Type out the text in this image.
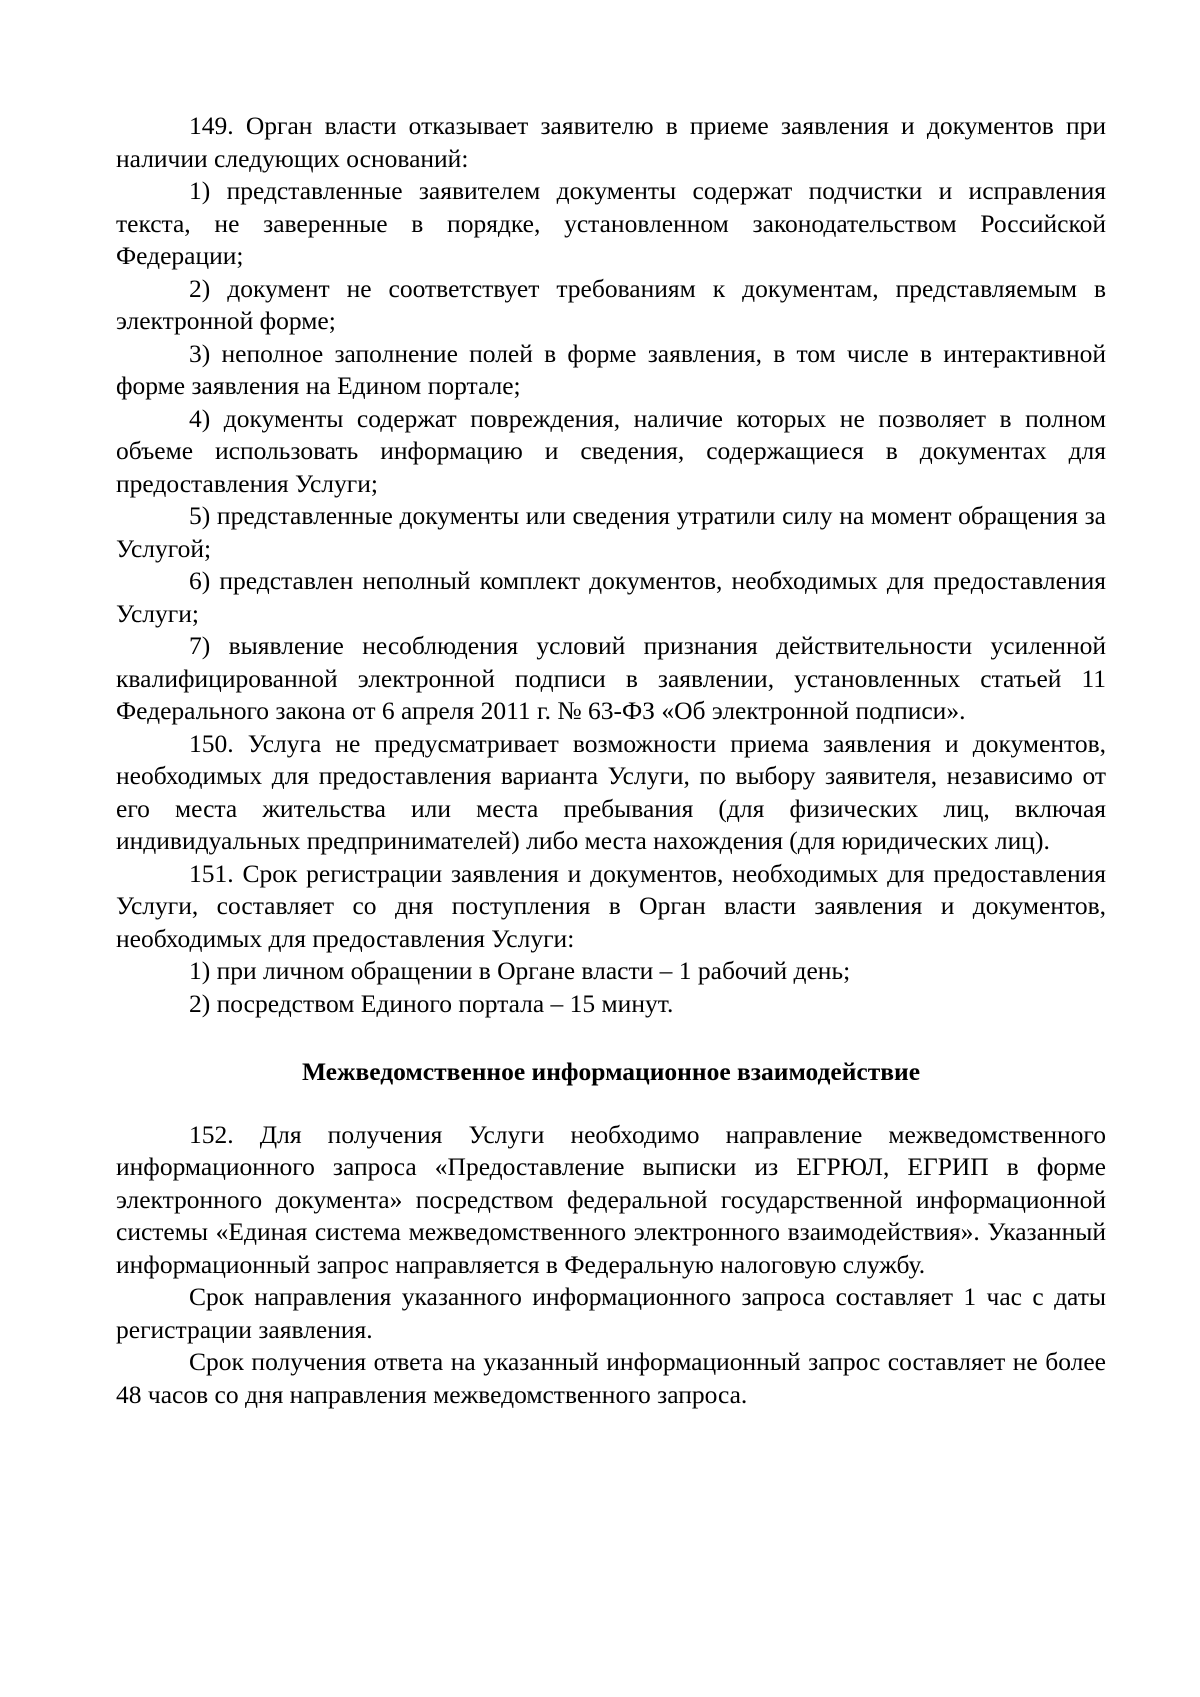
149. Орган власти отказывает заявителю в приеме заявления и документов при наличии следующих оснований:

1) представленные заявителем документы содержат подчистки и исправления текста, не заверенные в порядке, установленном законодательством Российской Федерации;

2) документ не соответствует требованиям к документам, представляемым в электронной форме;

3) неполное заполнение полей в форме заявления, в том числе в интерактивной форме заявления на Едином портале;

4) документы содержат повреждения, наличие которых не позволяет в полном объеме использовать информацию и сведения, содержащиеся в документах для предоставления Услуги;

5) представленные документы или сведения утратили силу на момент обращения за Услугой;

6) представлен неполный комплект документов, необходимых для предоставления Услуги;

7) выявление несоблюдения условий признания действительности усиленной квалифицированной электронной подписи в заявлении, установленных статьей 11 Федерального закона от 6 апреля 2011 г. № 63-ФЗ «Об электронной подписи».

150. Услуга не предусматривает возможности приема заявления и документов, необходимых для предоставления варианта Услуги, по выбору заявителя, независимо от его места жительства или места пребывания (для физических лиц, включая индивидуальных предпринимателей) либо места нахождения (для юридических лиц).

151. Срок регистрации заявления и документов, необходимых для предоставления Услуги, составляет со дня поступления в Орган власти заявления и документов, необходимых для предоставления Услуги:

1) при личном обращении в Органе власти – 1 рабочий день;

2) посредством Единого портала – 15 минут.

Межведомственное информационное взаимодействие

152. Для получения Услуги необходимо направление межведомственного информационного запроса «Предоставление выписки из ЕГРЮЛ, ЕГРИП в форме электронного документа» посредством федеральной государственной информационной системы «Единая система межведомственного электронного взаимодействия». Указанный информационный запрос направляется в Федеральную налоговую службу.

Срок направления указанного информационного запроса составляет 1 час с даты регистрации заявления.

Срок получения ответа на указанный информационный запрос составляет не более 48 часов со дня направления межведомственного запроса.
